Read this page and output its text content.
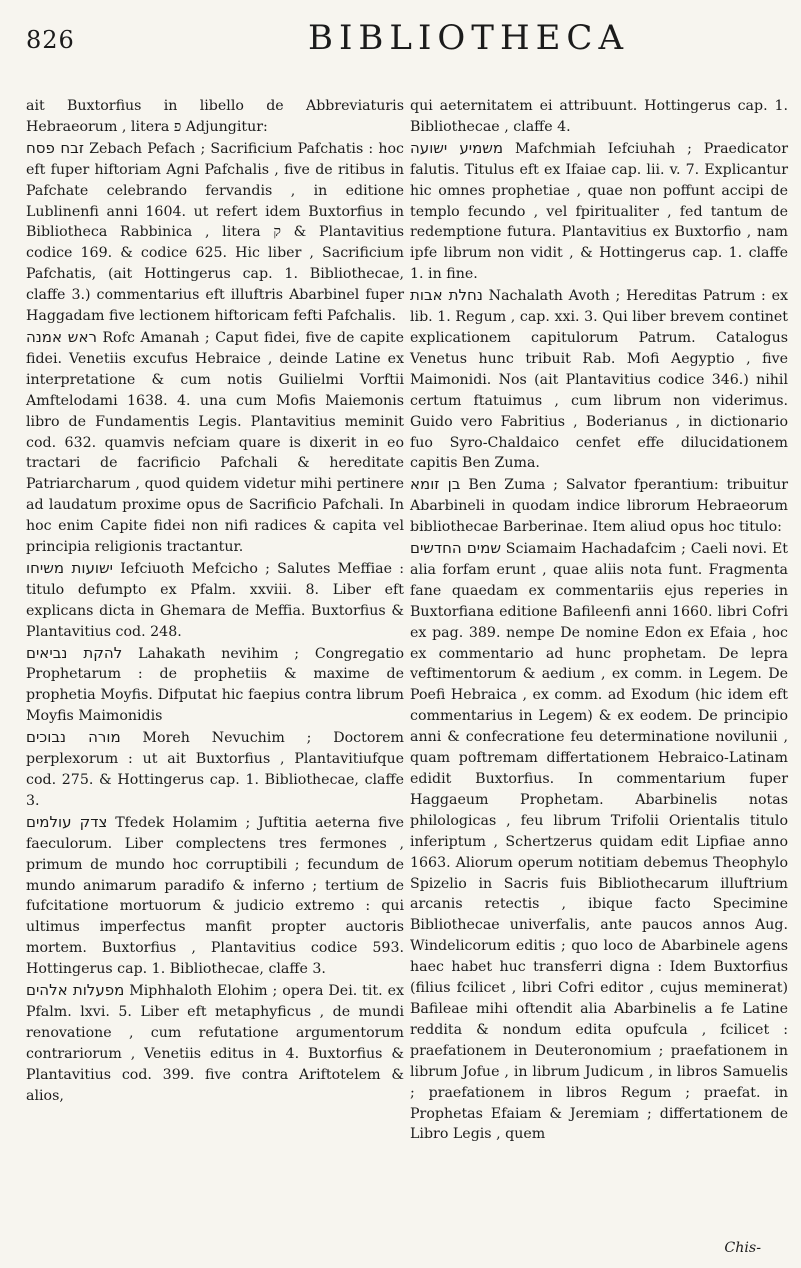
826	BIBLIOTHECA

ait Buxtorfius in libello de Abbreviaturis Hebraeorum , litera פ Adjungitur:

זבח פסח Zebach Pefach ; Sacrificium Pafchatis : hoc eft fuper hiftoriam Agni Pafchalis , five de ritibus in Pafchate celebrando fervandis , in editione Lublinenfi anni 1604. ut refert idem Buxtorfius in Bibliotheca Rabbinica , litera ק & Plantavitius codice 169. & codice 625. Hic liber , Sacrificium Pafchatis, (ait Hottingerus cap. 1. Bibliothecae, claffe 3.) commentarius eft illuftris Abarbinel fuper Haggadam five lectionem hiftoricam fefti Pafchalis.

ראש אמנה Rofc Amanah ; Caput fidei, five de capite fidei. Venetiis excufus Hebraice , deinde Latine ex interpretatione & cum notis Guilielmi Vorftii Amftelodami 1638. 4. una cum Mofis Maiemonis libro de Fundamentis Legis. Plantavitius meminit cod. 632. quamvis nefciam quare is dixerit in eo tractari de facrificio Pafchali & hereditate Patriarcharum , quod quidem videtur mihi pertinere ad laudatum proxime opus de Sacrificio Pafchali. In hoc enim Capite fidei non nifi radices & capita vel principia religionis tractantur.

ישועות משיחו Iefciuoth Mefcicho ; Salutes Meffiae : titulo defumpto ex Pfalm. xxviii. 8. Liber eft explicans dicta in Ghemara de Meffia. Buxtorfius & Plantavitius cod. 248.

להקת נביאים Lahakath nevihim ; Congregatio Prophetarum : de prophetiis & maxime de prophetia Moyfis. Difputat hic faepius contra librum Moyfis Maimonidis

מורה נבוכים Moreh Nevuchim ; Doctorem perplexorum : ut ait Buxtorfius , Plantavitiufque cod. 275. & Hottingerus cap. 1. Bibliothecae, claffe 3.

צדק עולמים Tfedek Holamim ; Juftitia aeterna five faeculorum. Liber complectens tres fermones , primum de mundo hoc corruptibili ; fecundum de mundo animarum paradifo & inferno ; tertium de fufcitatione mortuorum & judicio extremo : qui ultimus imperfectus manfit propter auctoris mortem. Buxtorfius , Plantavitius codice 593. Hottingerus cap. 1. Bibliothecae, claffe 3.

מפעלות אלהים Miphhaloth Elohim ; opera Dei. tit. ex Pfalm. lxvi. 5. Liber eft metaphyficus , de mundi renovatione , cum refutatione argumentorum contrariorum , Venetiis editus in 4. Buxtorfius & Plantavitius cod. 399. five contra Ariftotelem & alios,

qui aeternitatem ei attribuunt. Hottingerus cap. 1. Bibliothecae , claffe 4.

משמיע ישועה Mafchmiah Iefciuhah ; Praedicator falutis. Titulus eft ex Ifaiae cap. lii. v. 7. Explicantur hic omnes prophetiae , quae non poffunt accipi de templo fecundo , vel fpiritualiter , fed tantum de redemptione futura. Plantavitius ex Buxtorfio , nam ipfe librum non vidit , & Hottingerus cap. 1. claffe 1. in fine.

נחלת אבות Nachalath Avoth ; Hereditas Patrum : ex lib. 1. Regum , cap. xxi. 3. Qui liber brevem continet explicationem capitulorum Patrum. Catalogus Venetus hunc tribuit Rab. Mofi Aegyptio , five Maimonidi. Nos (ait Plantavitius codice 346.) nihil certum ftatuimus , cum librum non viderimus. Guido vero Fabritius , Boderianus , in dictionario fuo Syro-Chaldaico cenfet effe dilucidationem capitis Ben Zuma.

בן זומא Ben Zuma ; Salvator fperantium: tribuitur Abarbineli in quodam indice librorum Hebraeorum bibliothecae Barberinae. Item aliud opus hoc titulo:

שמים החדשים Sciamaim Hachadafcim ; Caeli novi. Et alia forfam erunt , quae aliis nota funt. Fragmenta fane quaedam ex commentariis ejus reperies in Buxtorfiana editione Bafileenfi anni 1660. libri Cofri ex pag. 389. nempe De nomine Edon ex Efaia , hoc ex commentario ad hunc prophetam. De lepra veftimentorum & aedium , ex comm. in Legem. De Poefi Hebraica , ex comm. ad Exodum (hic idem eft commentarius in Legem) & ex eodem. De principio anni & confecratione feu determinatione novilunii , quam poftremam differtationem Hebraico-Latinam edidit Buxtorfius. In commentarium fuper Haggaeum Prophetam. Abarbinelis notas philologicas , feu librum Trifolii Orientalis titulo inferiptum , Schertzerus quidam edit Lipfiae anno 1663. Aliorum operum notitiam debemus Theophylo Spizelio in Sacris fuis Bibliothecarum illuftrium arcanis retectis , ibique facto Specimine Bibliothecae univerfalis, ante paucos annos Aug. Windelicorum editis ; quo loco de Abarbinele agens haec habet huc transferri digna : Idem Buxtorfius (filius fcilicet , libri Cofri editor , cujus meminerat) Bafileae mihi oftendit alia Abarbinelis a fe Latine reddita & nondum edita opufcula , fcilicet : praefationem in Deuteronomium ; praefationem in librum Jofue , in librum Judicum , in libros Samuelis ; praefationem in libros Regum ; praefat. in Prophetas Efaiam & Jeremiam ; differtationem de Libro Legis , quem

Chis-
